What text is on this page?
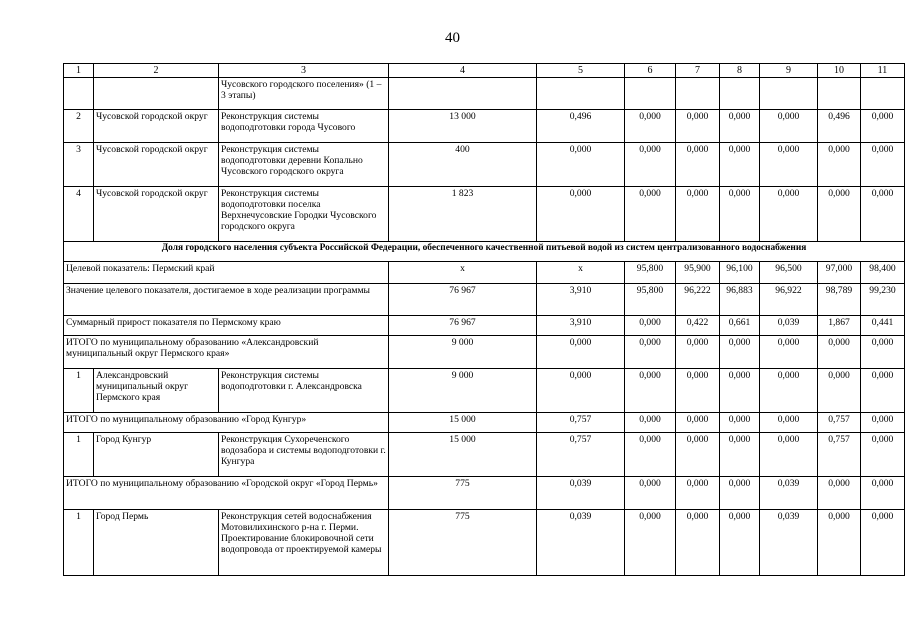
40
1	2	3	4	5	6	7	8	9	10	11
		Чусовского городского поселения» (1 – 3 этапы)								
2	Чусовской городской округ	Реконструкция системы водоподготовки города Чусового	13 000	0,496	0,000	0,000	0,000	0,000	0,496	0,000
3	Чусовской городской округ	Реконструкция системы водоподготовки деревни Копально Чусовского городского округа	400	0,000	0,000	0,000	0,000	0,000	0,000	0,000
4	Чусовской городской округ	Реконструкция системы водоподготовки поселка Верхнечусовские Городки Чусовского городского округа	1 823	0,000	0,000	0,000	0,000	0,000	0,000	0,000
Доля городского населения субъекта Российской Федерации, обеспеченного качественной питьевой водой из систем централизованного водоснабжения										
Целевой показатель: Пермский край			x	x	95,800	95,900	96,100	96,500	97,000	98,400
Значение целевого показателя, достигаемое в ходе реализации программы			76 967	3,910	95,800	96,222	96,883	96,922	98,789	99,230
Суммарный прирост показателя по Пермскому краю			76 967	3,910	0,000	0,422	0,661	0,039	1,867	0,441
ИТОГО по муниципальному образованию «Александровский муниципальный округ Пермского края»			9 000	0,000	0,000	0,000	0,000	0,000	0,000	0,000
1	Александровский муниципальный округ Пермского края	Реконструкция системы водоподготовки г. Александровска	9 000	0,000	0,000	0,000	0,000	0,000	0,000	0,000
ИТОГО по муниципальному образованию «Город Кунгур»			15 000	0,757	0,000	0,000	0,000	0,000	0,757	0,000
1	Город Кунгур	Реконструкция Сухореченского водозабора и системы водоподготовки г. Кунгура	15 000	0,757	0,000	0,000	0,000	0,000	0,757	0,000
ИТОГО по муниципальному образованию «Городской округ «Город Пермь»			775	0,039	0,000	0,000	0,000	0,039	0,000	0,000
1	Город Пермь	Реконструкция сетей водоснабжения Мотовилихинского р-на г. Перми. Проектирование блокировочной сети водопровода от проектируемой камеры	775	0,039	0,000	0,000	0,000	0,039	0,000	0,000
